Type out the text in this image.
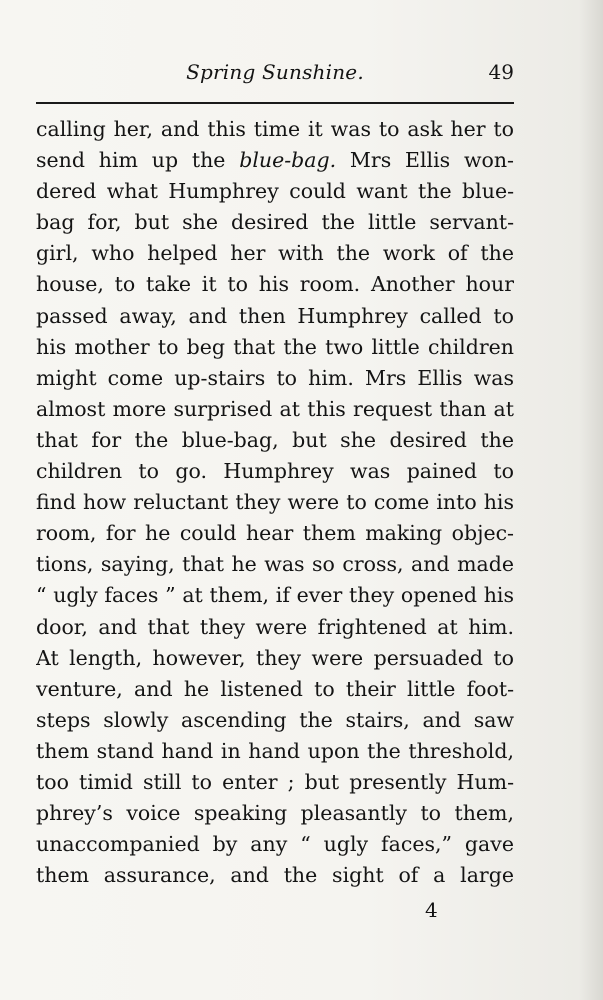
Spring Sunshine.	49
calling her, and this time it was to ask her to
send him up the blue-bag. Mrs Ellis won-
dered what Humphrey could want the blue-
bag for, but she desired the little servant-
girl, who helped her with the work of the
house, to take it to his room. Another hour
passed away, and then Humphrey called to
his mother to beg that the two little children
might come up-stairs to him. Mrs Ellis was
almost more surprised at this request than at
that for the blue-bag, but she desired the
children to go. Humphrey was pained to
find how reluctant they were to come into his
room, for he could hear them making objec-
tions, saying, that he was so cross, and made
“ ugly faces ” at them, if ever they opened his
door, and that they were frightened at him.
At length, however, they were persuaded to
venture, and he listened to their little foot-
steps slowly ascending the stairs, and saw
them stand hand in hand upon the threshold,
too timid still to enter ; but presently Hum-
phrey’s voice speaking pleasantly to them,
unaccompanied by any “ ugly faces,” gave
them assurance, and the sight of a large
4
